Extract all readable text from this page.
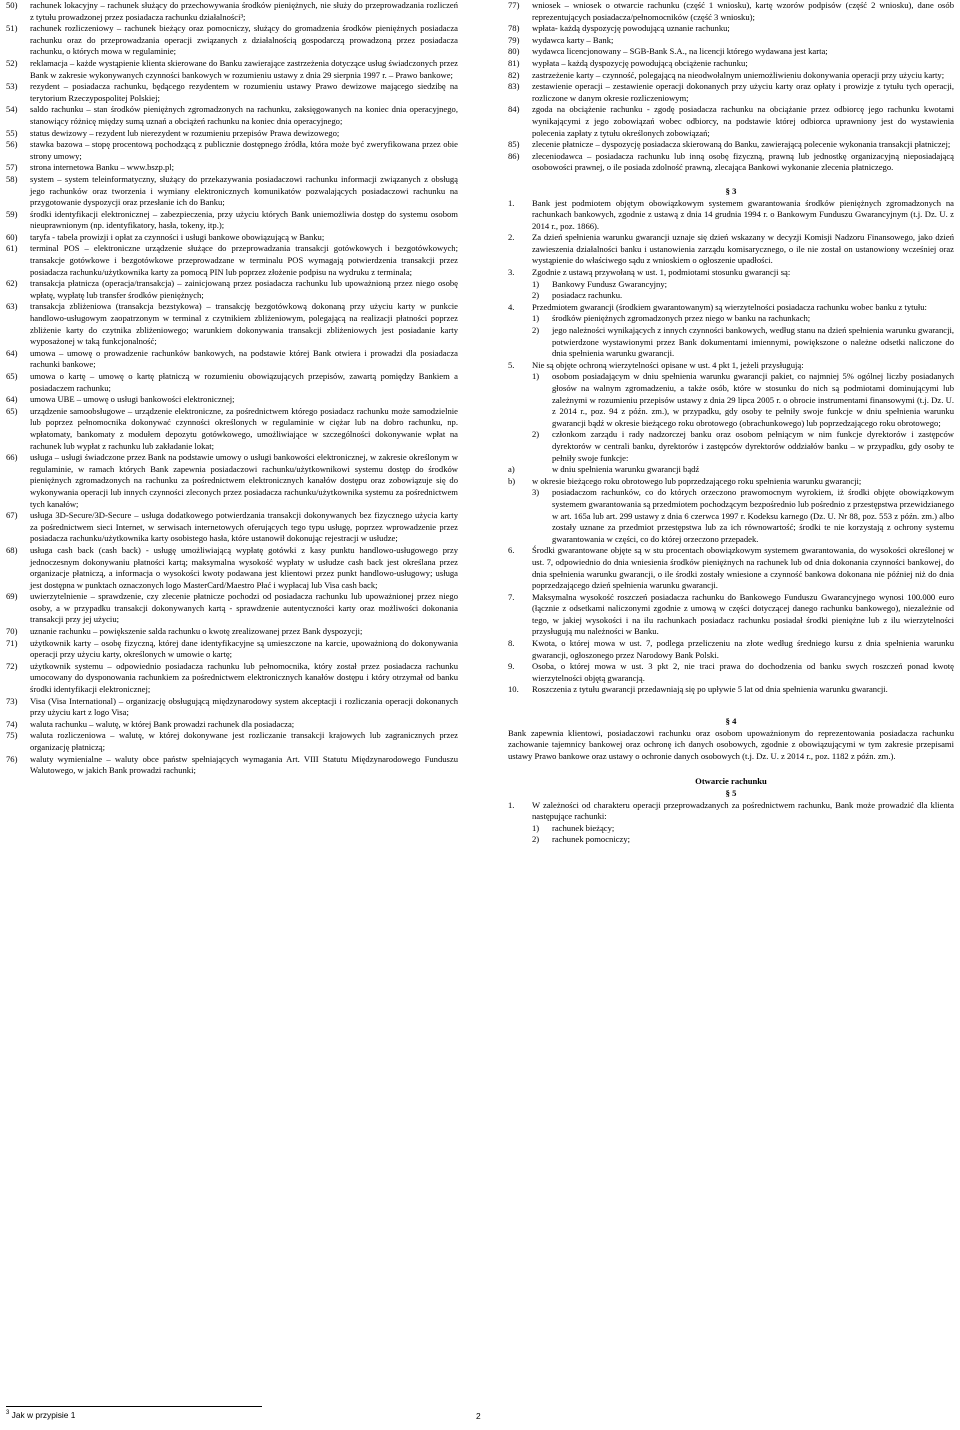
50) rachunek lokacyjny – rachunek służący do przechowywania środków pieniężnych, nie służy do przeprowadzania rozliczeń z tytułu prowadzonej przez posiadacza rachunku działalności³;
51) rachunek rozliczeniowy – rachunek bieżący oraz pomocniczy, służący do gromadzenia środków pieniężnych posiadacza rachunku oraz do przeprowadzania operacji związanych z działalnością gospodarczą prowadzoną przez posiadacza rachunku, o których mowa w regulaminie;
52) reklamacja – każde wystąpienie klienta skierowane do Banku zawierające zastrzeżenia dotyczące usług świadczonych przez Bank w zakresie wykonywanych czynności bankowych w rozumieniu ustawy z dnia 29 sierpnia 1997 r. – Prawo bankowe;
53) rezydent – posiadacza rachunku, będącego rezydentem w rozumieniu ustawy Prawo dewizowe mającego siedzibę na terytorium Rzeczypospolitej Polskiej;
54) saldo rachunku – stan środków pieniężnych zgromadzonych na rachunku, zaksięgowanych na koniec dnia operacyjnego, stanowiący różnicę między sumą uznań a obciążeń rachunku na koniec dnia operacyjnego;
55) status dewizowy – rezydent lub nierezydent w rozumieniu przepisów Prawa dewizowego;
56) stawka bazowa – stopę procentową pochodzącą z publicznie dostępnego źródła, która może być zweryfikowana przez obie strony umowy;
57) strona internetowa Banku – www.bszp.pl;
58) system – system teleinformatyczny, służący do przekazywania posiadaczowi rachunku informacji związanych z obsługą jego rachunków oraz tworzenia i wymiany elektronicznych komunikatów pozwalających posiadaczowi rachunku na przygotowanie dyspozycji oraz przesłanie ich do Banku;
59) środki identyfikacji elektronicznej – zabezpieczenia, przy użyciu których Bank uniemożliwia dostęp do systemu osobom nieuprawnionym (np. identyfikatory, hasła, tokeny, itp.);
60) taryfa - tabela prowizji i opłat za czynności i usługi bankowe obowiązującą w Banku;
61) terminal POS – elektroniczne urządzenie służące do przeprowadzania transakcji gotówkowych i bezgotówkowych; transakcje gotówkowe i bezgotówkowe przeprowadzane w terminalu POS wymagają potwierdzenia transakcji przez posiadacza rachunku/użytkownika karty za pomocą PIN lub poprzez złożenie podpisu na wydruku z terminala;
62) transakcja płatnicza (operacja/transakcja) – zainicjowaną przez posiadacza rachunku lub upoważnioną przez niego osobę wpłatę, wypłatę lub transfer środków pieniężnych;
63) transakcja zbliżeniowa (transakcja bezstykowa) – transakcję bezgotówkową dokonaną przy użyciu karty w punkcie handlowo-usługowym zaopatrzonym w terminal z czytnikiem zbliżeniowym, polegającą na realizacji płatności poprzez zbliżenie karty do czytnika zbliżeniowego; warunkiem dokonywania transakcji zbliżeniowych jest posiadanie karty wyposażonej w taką funkcjonalność;
64) umowa – umowę o prowadzenie rachunków bankowych, na podstawie której Bank otwiera i prowadzi dla posiadacza rachunki bankowe;
65) umowa o kartę – umowę o kartę płatniczą w rozumieniu obowiązujących przepisów, zawartą pomiędzy Bankiem a posiadaczem rachunku;
64) umowa UBE – umowę o usługi bankowości elektronicznej;
65) urządzenie samoobsługowe – urządzenie elektroniczne, za pośrednictwem którego posiadacz rachunku może samodzielnie lub poprzez pełnomocnika dokonywać czynności określonych w regulaminie w ciężar lub na dobro rachunku, np. wpłatomaty, bankomaty z modułem depozytu gotówkowego, umożliwiające w szczególności dokonywanie wpłat na rachunek lub wypłat z rachunku lub zakładanie lokat;
66) usługa – usługi świadczone przez Bank na podstawie umowy o usługi bankowości elektronicznej, w zakresie określonym w regulaminie, w ramach których Bank zapewnia posiadaczowi rachunku/użytkownikowi systemu dostęp do środków pieniężnych zgromadzonych na rachunku za pośrednictwem elektronicznych kanałów dostępu oraz zobowiązuje się do wykonywania operacji lub innych czynności zleconych przez posiadacza rachunku/użytkownika systemu za pośrednictwem tych kanałów;
67) usługa 3D-Secure/3D-Secure – usługa dodatkowego potwierdzania transakcji dokonywanych bez fizycznego użycia karty za pośrednictwem sieci Internet, w serwisach internetowych oferujących tego typu usługę, poprzez wprowadzenie przez posiadacza rachunku/użytkownika karty osobistego hasła, które ustanowił dokonując rejestracji w usłudze;
68) usługa cash back (cash back) - usługę umożliwiającą wypłatę gotówki z kasy punktu handlowo-usługowego przy jednoczesnym dokonywaniu płatności kartą; maksymalna wysokość wypłaty w usłudze cash back jest określana przez organizacje płatniczą, a informacja o wysokości kwoty podawana jest klientowi przez punkt handlowo-usługowy; usługa jest dostępna w punktach oznaczonych logo MasterCard/Maestro Płać i wypłacaj lub Visa cash back;
69) uwierzytelnienie – sprawdzenie, czy zlecenie płatnicze pochodzi od posiadacza rachunku lub upoważnionej przez niego osoby, a w przypadku transakcji dokonywanych kartą - sprawdzenie autentyczności karty oraz możliwości dokonania transakcji przy jej użyciu;
70) uznanie rachunku – powiększenie salda rachunku o kwotę zrealizowanej przez Bank dyspozycji;
71) użytkownik karty – osobę fizyczną, której dane identyfikacyjne są umieszczone na karcie, upoważnioną do dokonywania operacji przy użyciu karty, określonych w umowie o kartę;
72) użytkownik systemu – odpowiednio posiadacza rachunku lub pełnomocnika, który został przez posiadacza rachunku umocowany do dysponowania rachunkiem za pośrednictwem elektronicznych kanałów dostępu i który otrzymał od banku środki identyfikacji elektronicznej;
73) Visa (Visa International) – organizację obsługującą międzynarodowy system akceptacji i rozliczania operacji dokonanych przy użyciu kart z logo Visa;
74) waluta rachunku – walutę, w której Bank prowadzi rachunek dla posiadacza;
75) waluta rozliczeniowa – walutę, w której dokonywane jest rozliczanie transakcji krajowych lub zagranicznych przez organizację płatniczą;
76) waluty wymienialne – waluty obce państw spełniających wymagania Art. VIII Statutu Międzynarodowego Funduszu Walutowego, w jakich Bank prowadzi rachunki;
77) wniosek – wniosek o otwarcie rachunku (część 1 wniosku), kartę wzorów podpisów (część 2 wniosku), dane osób reprezentujących posiadacza/pełnomocników (część 3 wniosku);
78) wpłata- każdą dyspozycję powodującą uznanie rachunku;
79) wydawca karty – Bank;
80) wydawca licencjonowany – SGB-Bank S.A., na licencji którego wydawana jest karta;
81) wypłata – każdą dyspozycję powodującą obciążenie rachunku;
82) zastrzeżenie karty – czynność, polegającą na nieodwołalnym uniemożliwieniu dokonywania operacji przy użyciu karty;
83) zestawienie operacji – zestawienie operacji dokonanych przy użyciu karty oraz opłaty i prowizje z tytułu tych operacji, rozliczone w danym okresie rozliczeniowym;
84) zgoda na obciążenie rachunku - zgodę posiadacza rachunku na obciążanie przez odbiorcę jego rachunku kwotami wynikającymi z jego zobowiązań wobec odbiorcy, na podstawie której odbiorca uprawniony jest do wystawienia polecenia zapłaty z tytułu określonych zobowiązań;
85) zlecenie płatnicze – dyspozycję posiadacza skierowaną do Banku, zawierającą polecenie wykonania transakcji płatniczej;
86) zleceniodawca – posiadacza rachunku lub inną osobę fizyczną, prawną lub jednostkę organizacyjną nieposiadającą osobowości prawnej, o ile posiada zdolność prawną, zlecająca Bankowi wykonanie zlecenia płatniczego.
§ 3
1. Bank jest podmiotem objętym obowiązkowym systemem gwarantowania środków pieniężnych zgromadzonych na rachunkach bankowych, zgodnie z ustawą z dnia 14 grudnia 1994 r. o Bankowym Funduszu Gwarancyjnym (t.j. Dz. U. z 2014 r., poz. 1866).
2. Za dzień spełnienia warunku gwarancji uznaje się dzień wskazany w decyzji Komisji Nadzoru Finansowego, jako dzień zawieszenia działalności banku i ustanowienia zarządu komisarycznego, o ile nie został on ustanowiony wcześniej oraz wystąpienie do właściwego sądu z wnioskiem o ogłoszenie upadłości.
3. Zgodnie z ustawą przywołaną w ust. 1, podmiotami stosunku gwarancji są:
1) Bankowy Fundusz Gwarancyjny;
2) posiadacz rachunku.
4. Przedmiotem gwarancji (środkiem gwarantowanym) są wierzytelności posiadacza rachunku wobec banku z tytułu:
1) środków pieniężnych zgromadzonych przez niego w banku na rachunkach;
2) jego należności wynikających z innych czynności bankowych, według stanu na dzień spełnienia warunku gwarancji, potwierdzone wystawionymi przez Bank dokumentami imiennymi, powiększone o należne odsetki naliczone do dnia spełnienia warunku gwarancji.
5. Nie są objęte ochroną wierzytelności opisane w ust. 4 pkt 1, jeżeli przysługują:
1) osobom posiadającym w dniu spełnienia warunku gwarancji pakiet, co najmniej 5% ogólnej liczby posiadanych głosów na walnym zgromadzeniu, a także osób, które w stosunku do nich są podmiotami dominującymi lub zależnymi w rozumieniu przepisów ustawy z dnia 29 lipca 2005 r. o obrocie instrumentami finansowymi (t.j. Dz. U. z 2014 r., poz. 94 z późn. zm.), w przypadku, gdy osoby te pełniły swoje funkcje w dniu spełnienia warunku gwarancji bądź w okresie bieżącego roku obrotowego (obrachunkowego) lub poprzedzającego roku obrotowego;
2) członkom zarządu i rady nadzorczej banku oraz osobom pełniącym w nim funkcje dyrektorów i zastępców dyrektorów w centrali banku, dyrektorów i zastępców dyrektorów oddziałów banku – w przypadku, gdy osoby te pełniły swoje funkcje:
a)	w dniu spełnienia warunku gwarancji bądź
b) w okresie bieżącego roku obrotowego lub poprzedzającego roku spełnienia warunku gwarancji;
3) posiadaczom rachunków, co do których orzeczono prawomocnym wyrokiem, iż środki objęte obowiązkowym systemem gwarantowania są przedmiotem pochodzącym bezpośrednio lub pośrednio z przestępstwa przewidzianego w art. 165a lub art. 299 ustawy z dnia 6 czerwca 1997 r. Kodeksu karnego (Dz. U. Nr 88, poz. 553 z późn. zm.) albo zostały uznane za przedmiot przestępstwa lub za ich równowartość; środki te nie korzystają z ochrony systemu gwarantowania w części, co do której orzeczono przepadek.
6. Środki gwarantowane objęte są w stu procentach obowiązkowym systemem gwarantowania, do wysokości określonej w ust. 7, odpowiednio do dnia wniesienia środków pieniężnych na rachunek lub od dnia dokonania czynności bankowej, do dnia spełnienia warunku gwarancji, o ile środki zostały wniesione a czynność bankowa dokonana nie później niż do dnia poprzedzającego dzień spełnienia warunku gwarancji.
7. Maksymalna wysokość roszczeń posiadacza rachunku do Bankowego Funduszu Gwarancyjnego wynosi 100.000 euro (łącznie z odsetkami naliczonymi zgodnie z umową w części dotyczącej danego rachunku bankowego), niezależnie od tego, w jakiej wysokości i na ilu rachunkach posiadacz rachunku posiadał środki pieniężne lub z ilu wierzytelności przysługują mu należności w Banku.
8. Kwota, o której mowa w ust. 7, podlega przeliczeniu na złote według średniego kursu z dnia spełnienia warunku gwarancji, ogłoszonego przez Narodowy Bank Polski.
9. Osoba, o której mowa w ust. 3 pkt 2, nie traci prawa do dochodzenia od banku swych roszczeń ponad kwotę wierzytelności objętą gwarancją.
10. Roszczenia z tytułu gwarancji przedawniają się po upływie 5 lat od dnia spełnienia warunku gwarancji.
§ 4
Bank zapewnia klientowi, posiadaczowi rachunku oraz osobom upoważnionym do reprezentowania posiadacza rachunku zachowanie tajemnicy bankowej oraz ochronę ich danych osobowych, zgodnie z obowiązującymi w tym zakresie przepisami ustawy Prawo bankowe oraz ustawy o ochronie danych osobowych (t.j. Dz. U. z 2014 r., poz. 1182 z późn. zm.).
Otwarcie rachunku
§ 5
1. W zależności od charakteru operacji przeprowadzanych za pośrednictwem rachunku, Bank może prowadzić dla klienta następujące rachunki:
1) rachunek bieżący;
2) rachunek pomocniczy;
$^3$ Jak w przypisie 1	2
